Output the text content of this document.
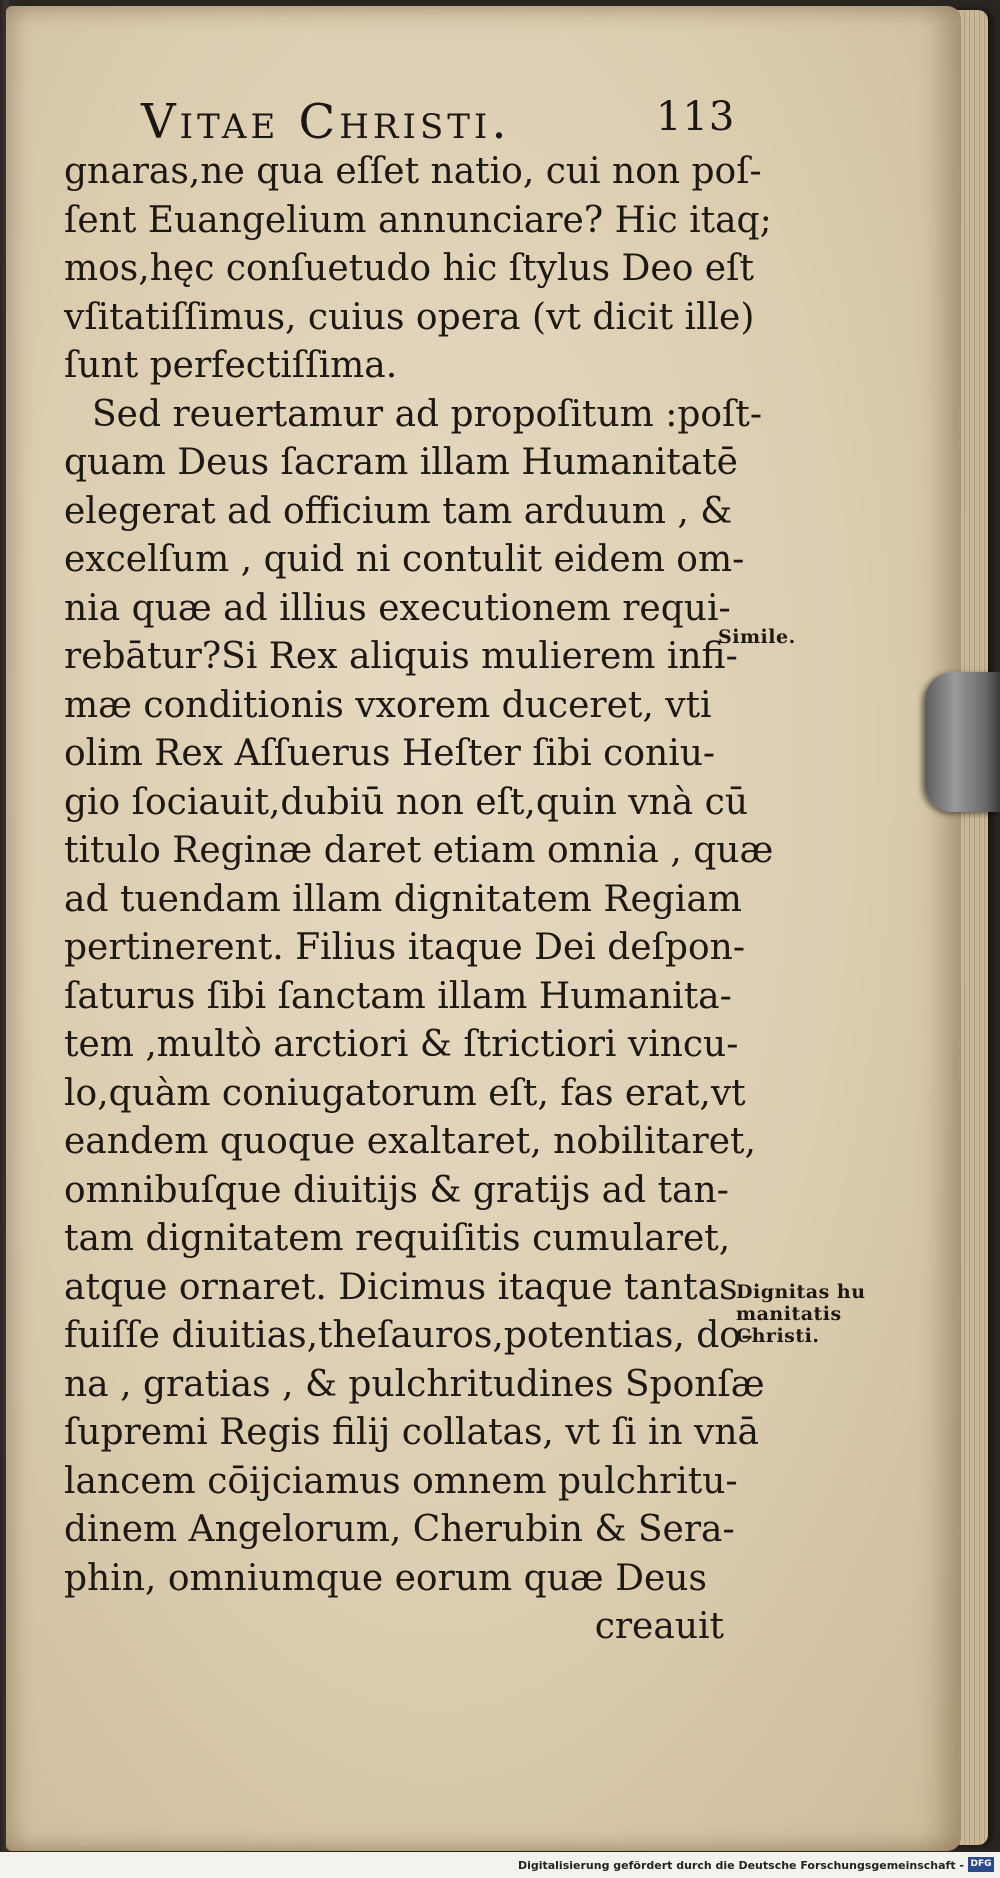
Vitae Christi.	113
gnaras,ne qua eſſet natio, cui non poſ-
ſent Euangelium annunciare? Hic itaq;
mos,hęc conſuetudo hic ſtylus Deo eſt
vſitatiſſimus, cuius opera (vt dicit ille)
ſunt perfectiſſima.
Sed reuertamur ad propoſitum :poſt-
quam Deus ſacram illam Humanitatē
elegerat ad officium tam arduum , &
excelſum , quid ni contulit eidem om-
nia quæ ad illius executionem requi-
rebātur?Si Rex aliquis mulierem infi-
mæ conditionis vxorem duceret, vti
olim Rex Aſſuerus Heſter ſibi coniu-
gio ſociauit,dubiū non eſt,quin vnà cū
titulo Reginæ daret etiam omnia , quæ
ad tuendam illam dignitatem Regiam
pertinerent. Filius itaque Dei deſpon-
ſaturus ſibi ſanctam illam Humanita-
tem ,multò arctiori & ſtrictiori vincu-
lo,quàm coniugatorum eſt, fas erat,vt
eandem quoque exaltaret, nobilitaret,
omnibuſque diuitijs & gratijs ad tan-
tam dignitatem requiſitis cumularet,
atque ornaret. Dicimus itaque tantas
fuiſſe diuitias,theſauros,potentias, do-
na , gratias , & pulchritudines Sponſæ
ſupremi Regis filij collatas, vt ſi in vnā
lancem cōijciamus omnem pulchritu-
dinem Angelorum, Cherubin & Sera-
phin, omniumque eorum quæ Deus
creauit
Simile.
Dignitas hu
manitatis
Christi.
Digitalisierung gefördert durch die Deutsche Forschungsgemeinschaft - DFG
